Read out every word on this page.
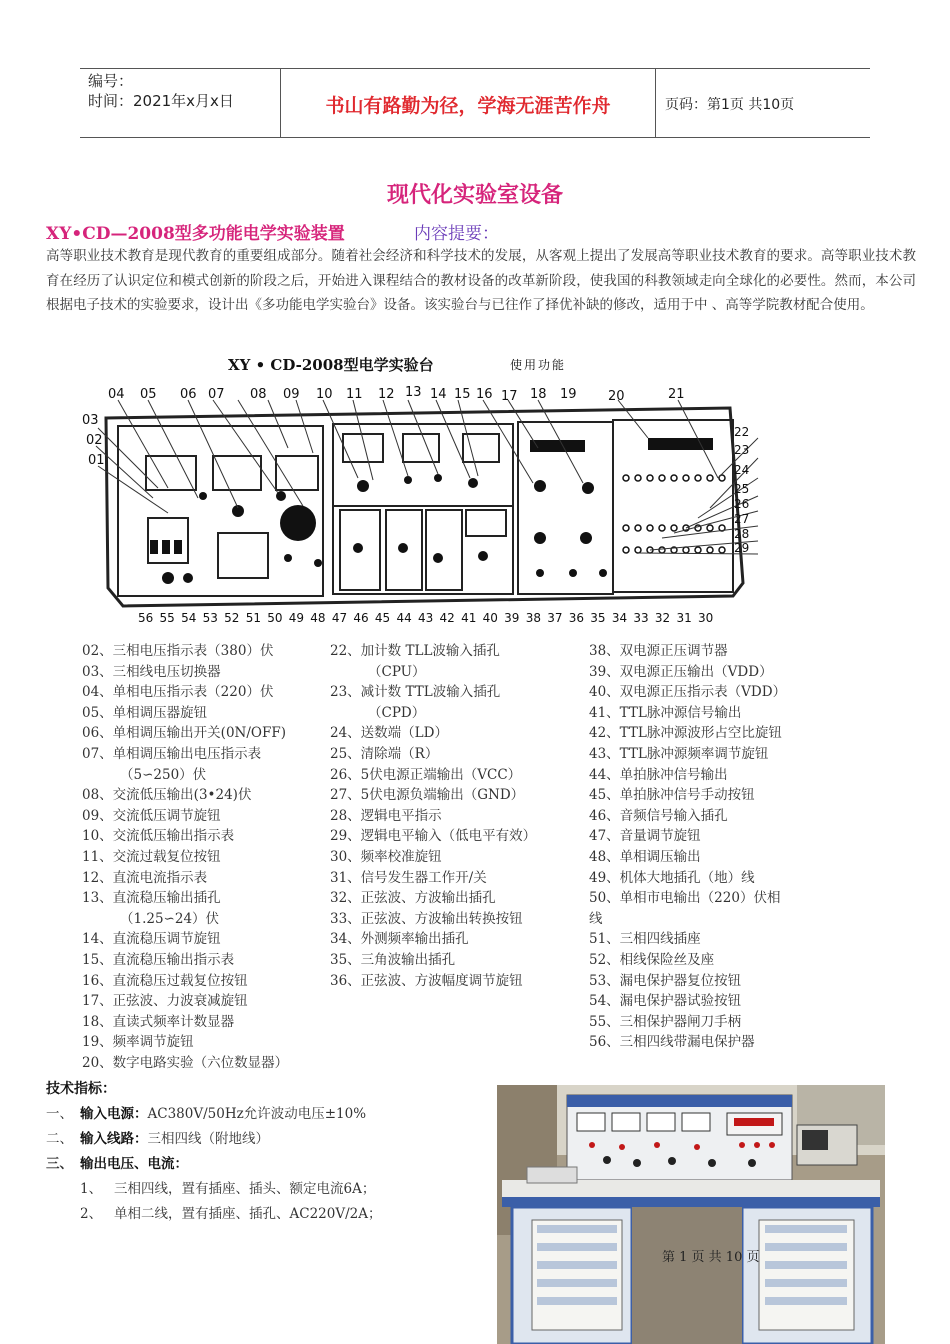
编号：
时间：2021年x月x日	书山有路勤为径，学海无涯苦作舟	页码：第1页 共10页
现代化实验室设备
XY•CD—2008型多功能电学实验装置	内容提要：
高等职业技术教育是现代教育的重要组成部分。随着社会经济和科学技术的发展，从客观上提出了发展高等职业技术教育的要求。高等职业技术教育在经历了认识定位和模式创新的阶段之后，开始进入课程结合的教材设备的改革新阶段，使我国的科教领域走向全球化的必要性。然而，本公司根据电子技术的实验要求，设计出《多功能电学实验台》设备。该实验台与已往作了择优补缺的修改，适用于中 、高等学院教材配合使用。
XY • CD-2008型电学实验台	使用功能
04 05 06 07 08 09 10 11 12 13 14 15 16 17 18 19 20	21
03
02
01
22
23
24
25
26
27
28
29
56 55 54 53 52 51 50 49 48 47 46 45 44 43 42 41 40 39 38 37 36 35 34 33 32 31 30
02、三相电压指示表（380）伏
03、三相线电压切换器
04、单相电压指示表（220）伏
05、单相调压器旋钮
06、单相调压输出开关(0N/OFF)
07、单相调压输出电压指示表
（5∽250）伏
08、交流低压输出(3•24)伏
09、交流低压调节旋钮
10、交流低压输出指示表
11、交流过载复位按钮
12、直流电流指示表
13、直流稳压输出插孔
（1.25∽24）伏
14、直流稳压调节旋钮
15、直流稳压输出指示表
16、直流稳压过载复位按钮
17、正弦波、力波衰减旋钮
18、直读式频率计数显器
19、频率调节旋钮
20、数字电路实验（六位数显器）
22、加计数 TLL波输入插孔
（CPU）
23、减计数 TTL波输入插孔
（CPD）
24、送数端（LD）
25、清除端（R）
26、5伏电源正端输出（VCC）
27、5伏电源负端输出（GND）
28、逻辑电平指示
29、逻辑电平输入（低电平有效）
30、频率校准旋钮
31、信号发生器工作开/关
32、正弦波、方波输出插孔
33、正弦波、方波输出转换按钮
34、外测频率输出插孔
35、三角波输出插孔
36、正弦波、方波幅度调节旋钮
38、双电源正压调节器
39、双电源正压输出（VDD）
40、双电源正压指示表（VDD）
41、TTL脉冲源信号输出
42、TTL脉冲源波形占空比旋钮
43、TTL脉冲源频率调节旋钮
44、单拍脉冲信号输出
45、单拍脉冲信号手动按钮
46、音频信号输入插孔
47、音量调节旋钮
48、单相调压输出
49、机体大地插孔（地）线
50、单相市电输出（220）伏相
线
51、三相四线插座
52、相线保险丝及座
53、漏电保护器复位按钮
54、漏电保护器试验按钮
55、三相保护器闸刀手柄
56、三相四线带漏电保护器
技术指标：
一、 输入电源：AC380V/50Hz允许波动电压±10%
二、 输入线路：三相四线（附地线）
三、 输出电压、电流：
1、 三相四线，置有插座、插头、额定电流6A；
2、 单相二线，置有插座、插孔、AC220V/2A；
第 1 页 共 10 页
